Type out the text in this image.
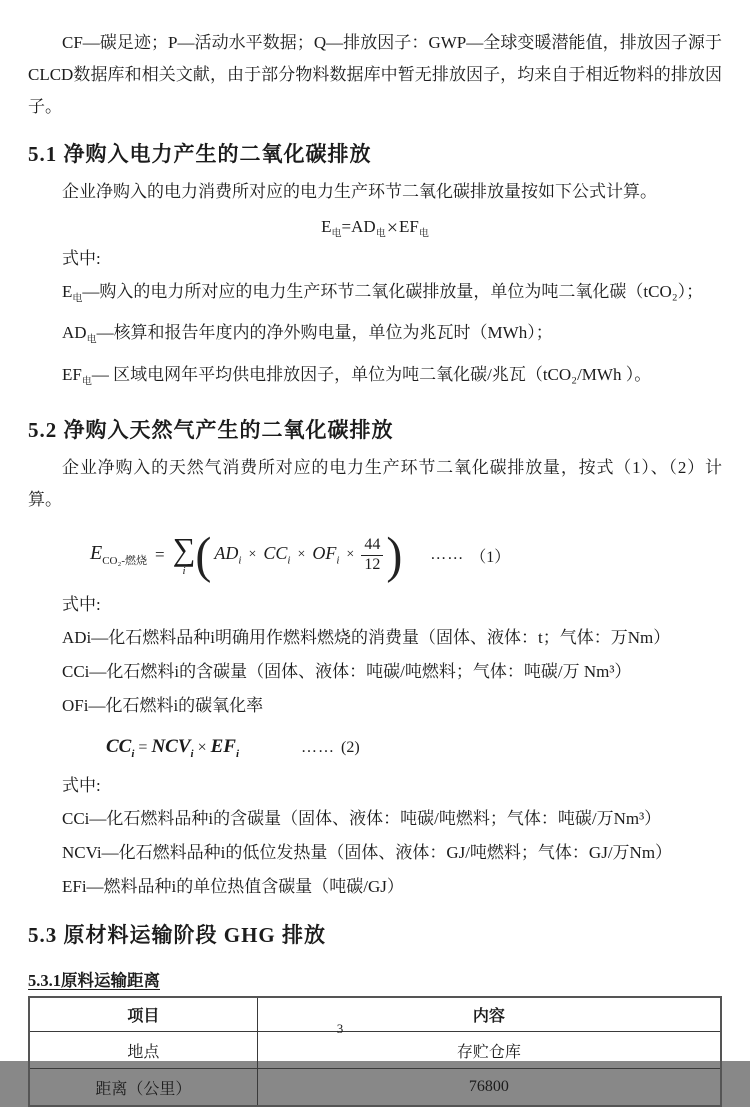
CF—碳足迹；P—活动水平数据；Q—排放因子：GWP—全球变暖潜能值，排放因子源于CLCD数据库和相关文献，由于部分物料数据库中暂无排放因子，均来自于相近物料的排放因子。

5.1 净购入电力产生的二氧化碳排放

企业净购入的电力消费所对应的电力生产环节二氧化碳排放量按如下公式计算。

$E_电=AD_电\times EF_电$

式中:

$E_电—$购入的电力所对应的电力生产环节二氧化碳排放量，单位为吨二氧化碳（tCO₂）；

$AD_电—$核算和报告年度内的净外购电量，单位为兆瓦时（MWh）；

$EF_电—$ 区域电网年平均供电排放因子，单位为吨二氧化碳/兆瓦（tCO₂/MWh ）。

5.2 净购入天然气产生的二氧化碳排放

企业净购入的天然气消费所对应的电力生产环节二氧化碳排放量，按式（1）、（2）计算。

$E_{CO_2-燃烧}$ = ∑
i ( $AD_i \times CC_i \times OF_i \times \frac{44}{12}$ ) …… （1）

式中:

ADi—化石燃料品种i明确用作燃料燃烧的消费量（固体、液体：t；气体：万Nm）

CCi—化石燃料i的含碳量（固体、液体：吨碳/吨燃料；气体：吨碳/万 Nm³）

OFi—化石燃料i的碳氧化率

$CC_i = NCV_i \times EF_i$	…… (2)

式中:

CCi—化石燃料品种i的含碳量（固体、液体：吨碳/吨燃料；气体：吨碳/万Nm³）

NCVi—化石燃料品种i的低位发热量（固体、液体：GJ/吨燃料；气体：GJ/万Nm）

EFi—燃料品种i的单位热值含碳量（吨碳/GJ）

5.3 原材料运输阶段 GHG 排放
5.3.1原料运输距离
项目	内容
地点	存贮仓库
距离（公里）	76800
3
